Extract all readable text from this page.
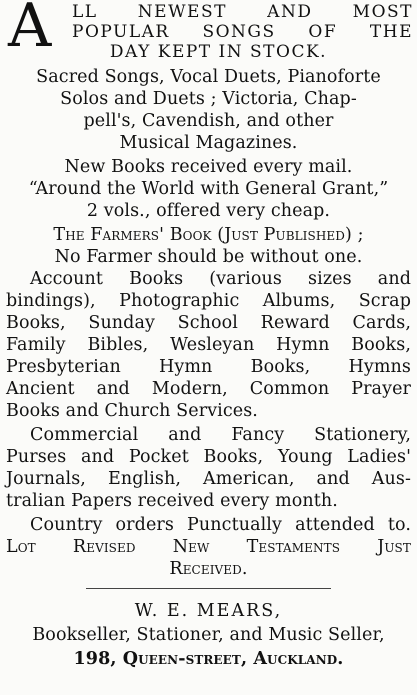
A LL NEWEST AND MOST
POPULAR SONGS OF THE
DAY KEPT IN STOCK.
Sacred Songs, Vocal Duets, Pianoforte
Solos and Duets ; Victoria, Chap-
pell's, Cavendish, and other
Musical Magazines.
New Books received every mail.
“Around the World with General Grant,”
2 vols., offered very cheap.
The Farmers' Book (Just Published) ;
No Farmer should be without one.
Account Books (various sizes and
bindings), Photographic Albums, Scrap
Books, Sunday School Reward Cards,
Family Bibles, Wesleyan Hymn Books,
Presbyterian Hymn Books, Hymns
Ancient and Modern, Common Prayer
Books and Church Services.
Commercial and Fancy Stationery,
Purses and Pocket Books, Young Ladies'
Journals, English, American, and Aus-
tralian Papers received every month.
Country orders Punctually attended to.
Lot Revised New Testaments Just
Received.
W. E. MEARS,
Bookseller, Stationer, and Music Seller,
198, Queen-street, Auckland.
